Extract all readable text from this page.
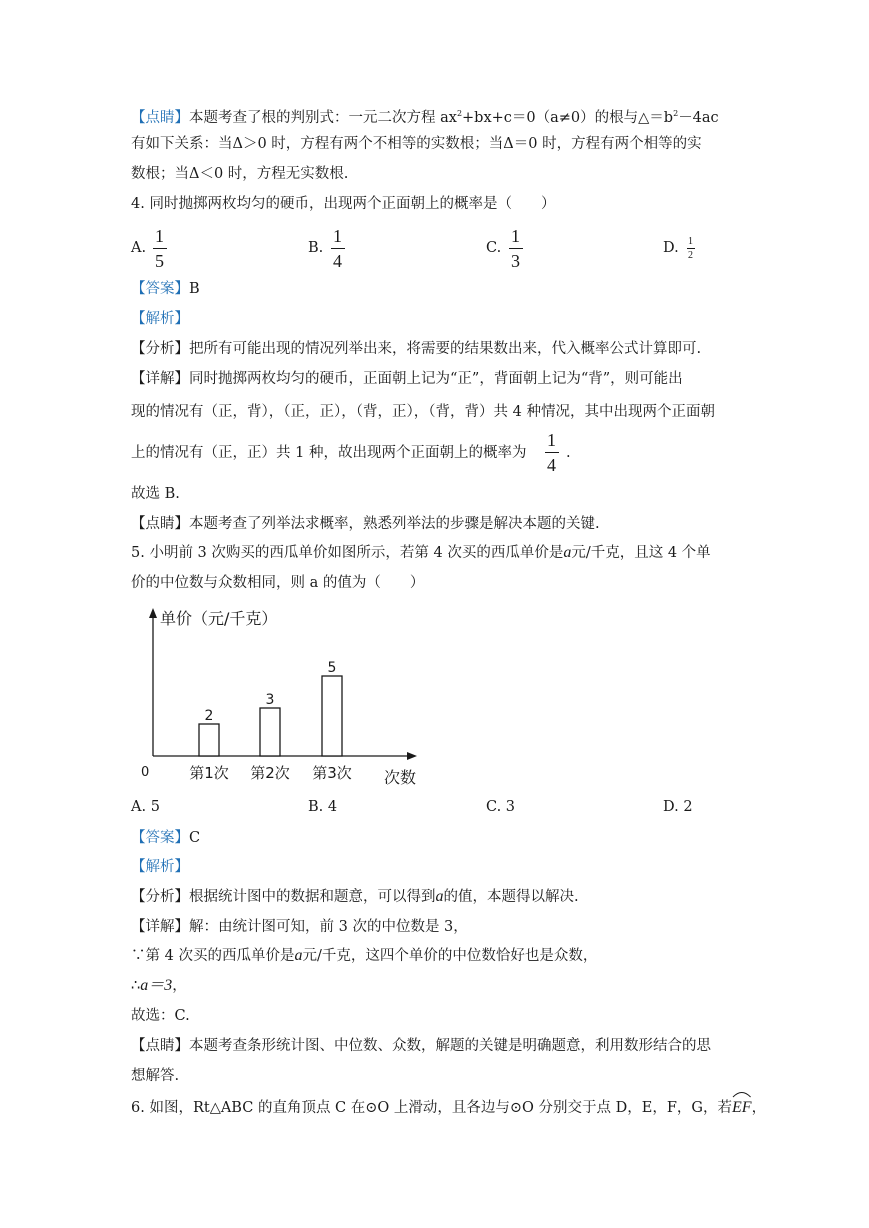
【点睛】本题考查了根的判别式：一元二次方程 $ax^2+bx+c=0(a\ne 0)$的根与$\triangle=b^2-4ac$
有如下关系：当Δ＞0 时，方程有两个不相等的实数根；当Δ＝0 时，方程有两个相等的实
数根；当Δ＜0 时，方程无实数根.
4. 同时抛掷两枚均匀的硬币，出现两个正面朝上的概率是（　　）
A.
1
5
B.
1
4
C.
1
3
D. 1
2
【答案】B
【解析】
【分析】把所有可能出现的情况列举出来，将需要的结果数出来，代入概率公式计算即可.
【详解】同时抛掷两枚均匀的硬币，正面朝上记为“正”，背面朝上记为“背”，则可能出
现的情况有（正，背），（正，正），（背，正），（背，背）共 4 种情况，其中出现两个正面朝
上的情况有（正，正）共 1 种，故出现两个正面朝上的概率为
1
4
.
故选 B.
【点睛】本题考查了列举法求概率，熟悉列举法的步骤是解决本题的关键.
5. 小明前 3 次购买的西瓜单价如图所示，若第 4 次买的西瓜单价是a元/千克，且这 4 个单
价的中位数与众数相同，则 a 的值为（　　）
单价（元/千克）
0	次数
2
第1次
3
第2次
5
第3次
A. 5	B. 4	C. 3	D. 2
【答案】C
【解析】
【分析】根据统计图中的数据和题意，可以得到a的值，本题得以解决.
【详解】解：由统计图可知，前 3 次的中位数是 3，
∵第 4 次买的西瓜单价是a元/千克，这四个单价的中位数恰好也是众数，
∴a＝3，
故选：C.
【点睛】本题考查条形统计图、中位数、众数，解题的关键是明确题意，利用数形结合的思
想解答.
6. 如图，Rt△ABC 的直角顶点 C 在⊙O 上滑动，且各边与⊙O 分别交于点 D，E，F，G，若
EF，
